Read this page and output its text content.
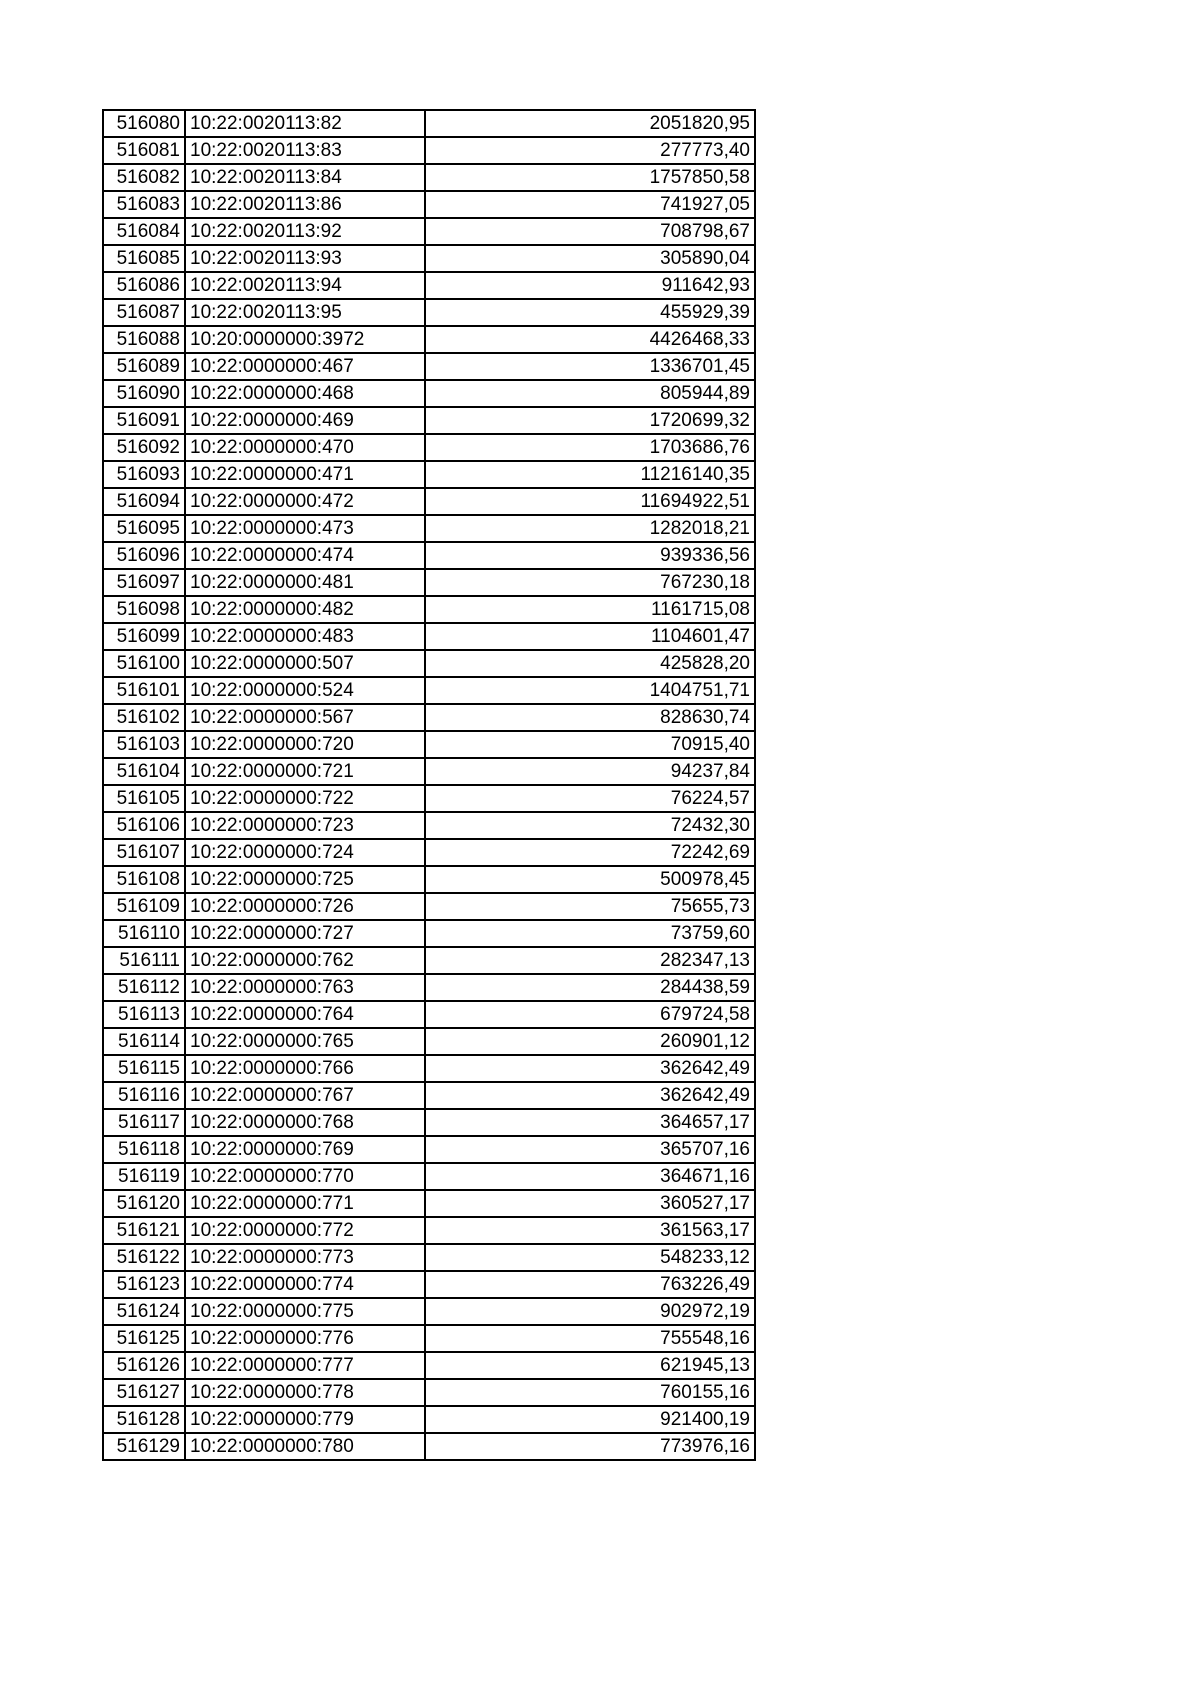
516080	10:22:0020113:82	2051820,95
516081	10:22:0020113:83	277773,40
516082	10:22:0020113:84	1757850,58
516083	10:22:0020113:86	741927,05
516084	10:22:0020113:92	708798,67
516085	10:22:0020113:93	305890,04
516086	10:22:0020113:94	911642,93
516087	10:22:0020113:95	455929,39
516088	10:20:0000000:3972	4426468,33
516089	10:22:0000000:467	1336701,45
516090	10:22:0000000:468	805944,89
516091	10:22:0000000:469	1720699,32
516092	10:22:0000000:470	1703686,76
516093	10:22:0000000:471	11216140,35
516094	10:22:0000000:472	11694922,51
516095	10:22:0000000:473	1282018,21
516096	10:22:0000000:474	939336,56
516097	10:22:0000000:481	767230,18
516098	10:22:0000000:482	1161715,08
516099	10:22:0000000:483	1104601,47
516100	10:22:0000000:507	425828,20
516101	10:22:0000000:524	1404751,71
516102	10:22:0000000:567	828630,74
516103	10:22:0000000:720	70915,40
516104	10:22:0000000:721	94237,84
516105	10:22:0000000:722	76224,57
516106	10:22:0000000:723	72432,30
516107	10:22:0000000:724	72242,69
516108	10:22:0000000:725	500978,45
516109	10:22:0000000:726	75655,73
516110	10:22:0000000:727	73759,60
516111	10:22:0000000:762	282347,13
516112	10:22:0000000:763	284438,59
516113	10:22:0000000:764	679724,58
516114	10:22:0000000:765	260901,12
516115	10:22:0000000:766	362642,49
516116	10:22:0000000:767	362642,49
516117	10:22:0000000:768	364657,17
516118	10:22:0000000:769	365707,16
516119	10:22:0000000:770	364671,16
516120	10:22:0000000:771	360527,17
516121	10:22:0000000:772	361563,17
516122	10:22:0000000:773	548233,12
516123	10:22:0000000:774	763226,49
516124	10:22:0000000:775	902972,19
516125	10:22:0000000:776	755548,16
516126	10:22:0000000:777	621945,13
516127	10:22:0000000:778	760155,16
516128	10:22:0000000:779	921400,19
516129	10:22:0000000:780	773976,16
